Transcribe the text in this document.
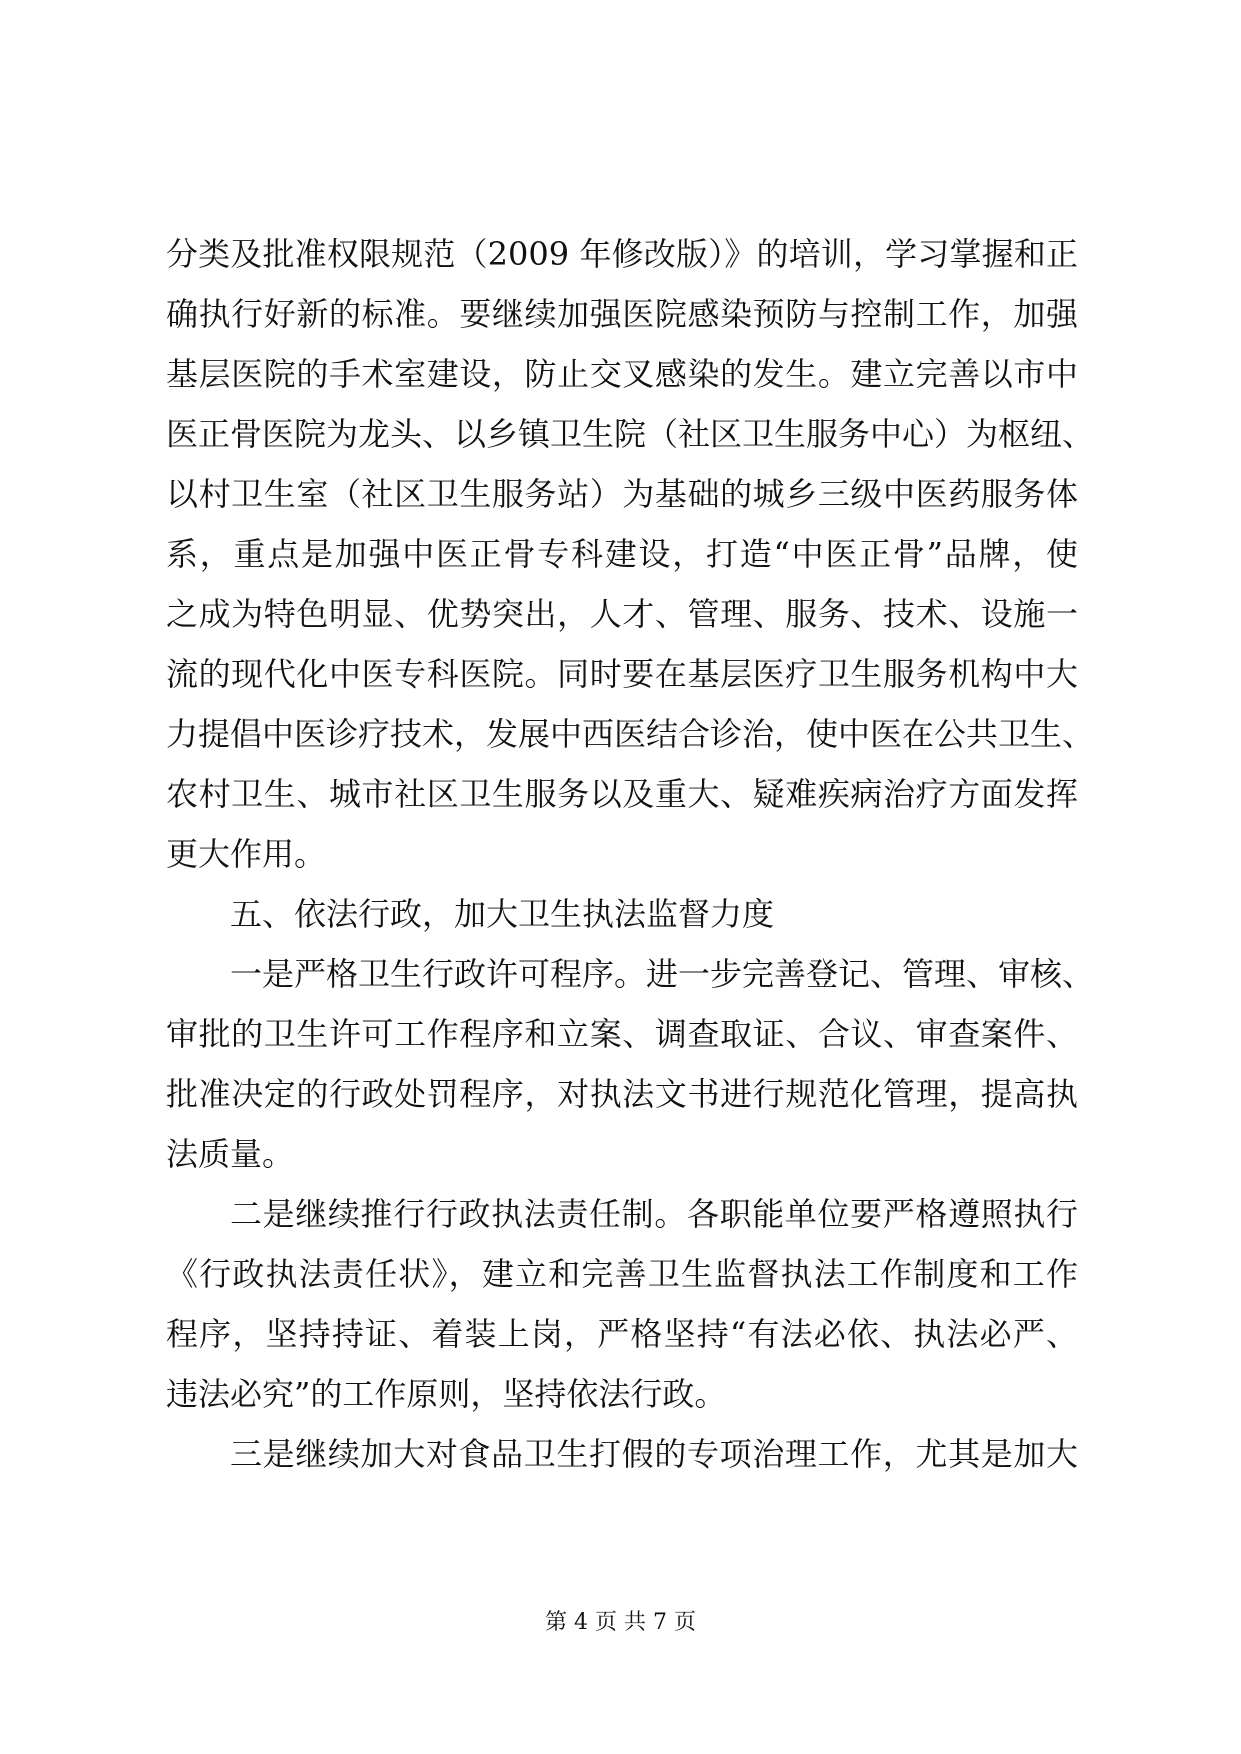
分类及批准权限规范（2009 年修改版）》的培训，学习掌握和正
确执行好新的标准。要继续加强医院感染预防与控制工作，加强
基层医院的手术室建设，防止交叉感染的发生。建立完善以市中
医正骨医院为龙头、以乡镇卫生院（社区卫生服务中心）为枢纽、
以村卫生室（社区卫生服务站）为基础的城乡三级中医药服务体
系，重点是加强中医正骨专科建设，打造“中医正骨”品牌，使
之成为特色明显、优势突出，人才、管理、服务、技术、设施一
流的现代化中医专科医院。同时要在基层医疗卫生服务机构中大
力提倡中医诊疗技术，发展中西医结合诊治，使中医在公共卫生、
农村卫生、城市社区卫生服务以及重大、疑难疾病治疗方面发挥
更大作用。
五、依法行政，加大卫生执法监督力度
一是严格卫生行政许可程序。进一步完善登记、管理、审核、
审批的卫生许可工作程序和立案、调查取证、合议、审查案件、
批准决定的行政处罚程序，对执法文书进行规范化管理，提高执
法质量。
二是继续推行行政执法责任制。各职能单位要严格遵照执行
《行政执法责任状》，建立和完善卫生监督执法工作制度和工作
程序，坚持持证、着装上岗，严格坚持“有法必依、执法必严、
违法必究”的工作原则，坚持依法行政。
三是继续加大对食品卫生打假的专项治理工作，尤其是加大
第 4 页 共 7 页
